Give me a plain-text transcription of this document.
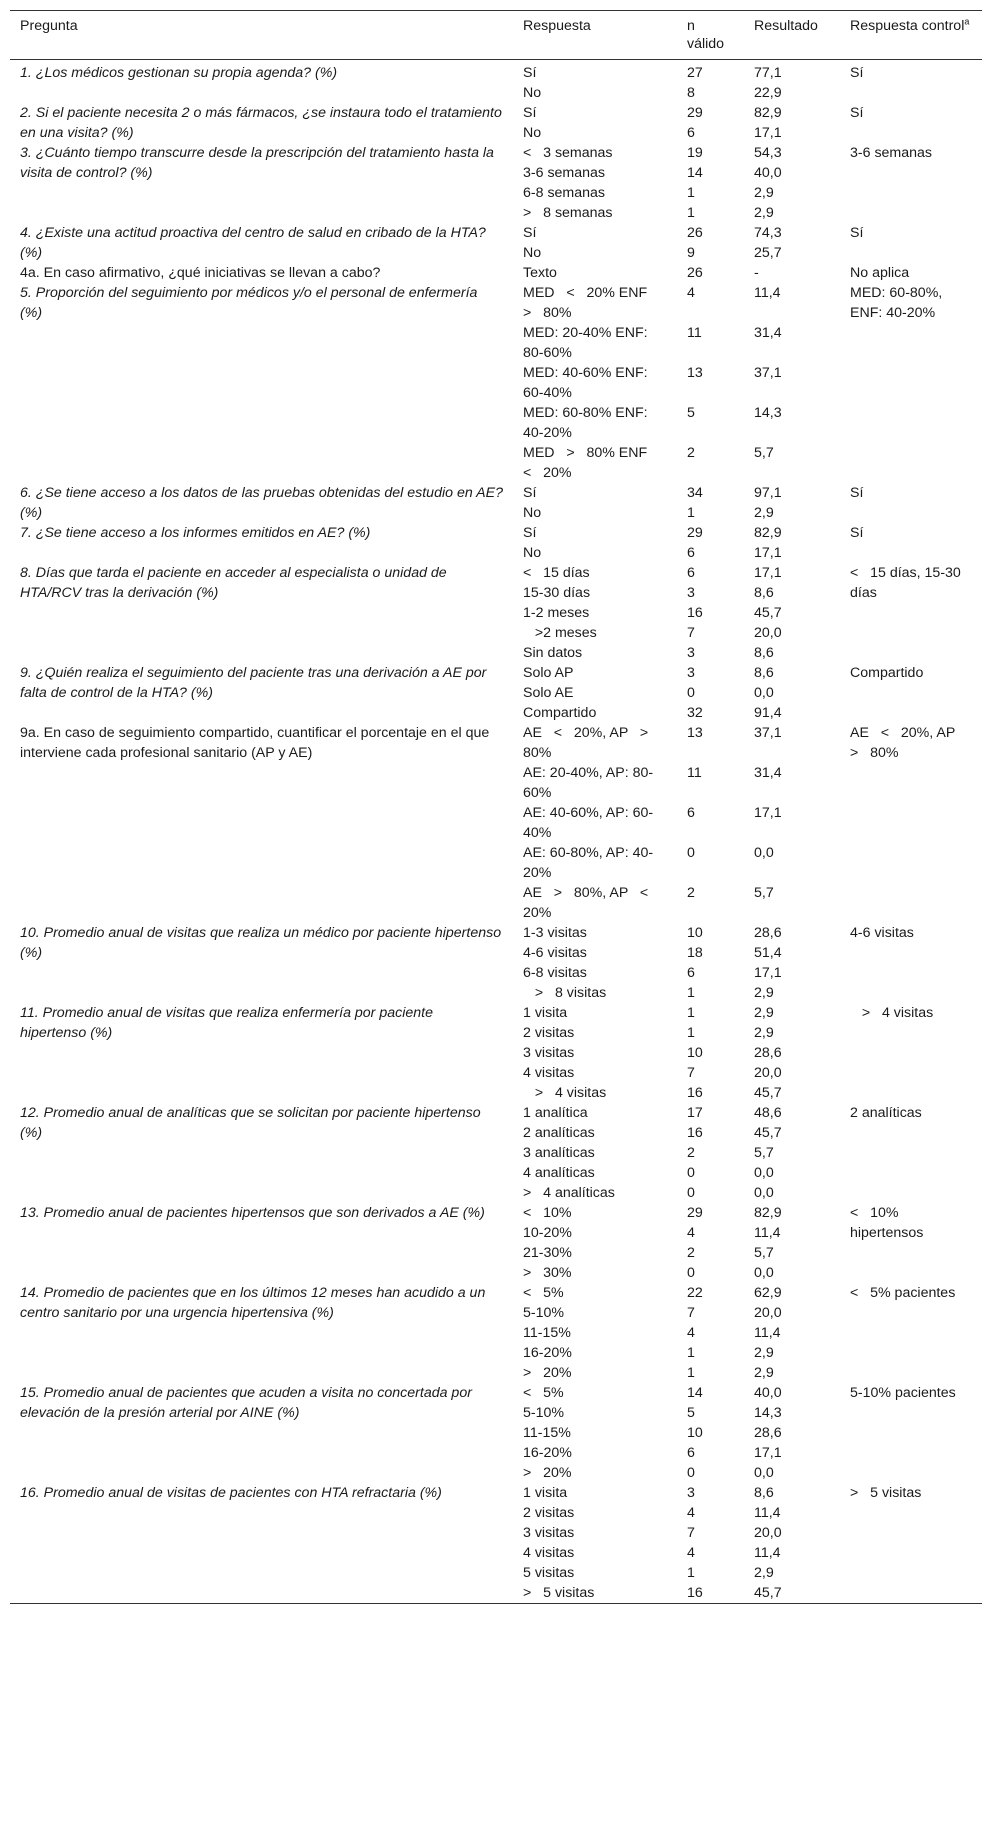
Pregunta	Respuesta	n válido	Resultado	Respuesta control$^a$
1. ¿Los médicos gestionan su propia agenda? (%)	Sí	27	77,1	Sí
	No	8	22,9	
2. Si el paciente necesita 2 o más fármacos, ¿se instaura todo el tratamiento en una visita? (%)	Sí	29	82,9	Sí
	No	6	17,1	
3. ¿Cuánto tiempo transcurre desde la prescripción del tratamiento hasta la visita de control? (%)	<   3 semanas	19	54,3	3-6 semanas
	3-6 semanas	14	40,0	
	6-8 semanas	1	2,9	
	>   8 semanas	1	2,9	
4. ¿Existe una actitud proactiva del centro de salud en cribado de la HTA? (%)	Sí	26	74,3	Sí
	No	9	25,7	
4a. En caso afirmativo, ¿qué iniciativas se llevan a cabo?	Texto	26	-	No aplica
5. Proporción del seguimiento por médicos y/o el personal de enfermería (%)	MED   <   20% ENF   >   80%	4	11,4	MED: 60-80%, ENF: 40-20%
	MED: 20-40% ENF: 80-60%	11	31,4	
	MED: 40-60% ENF: 60-40%	13	37,1	
	MED: 60-80% ENF: 40-20%	5	14,3	
	MED   >   80% ENF   <   20%	2	5,7	
6. ¿Se tiene acceso a los datos de las pruebas obtenidas del estudio en AE? (%)	Sí	34	97,1	Sí
	No	1	2,9	
7. ¿Se tiene acceso a los informes emitidos en AE? (%)	Sí	29	82,9	Sí
	No	6	17,1	
8. Días que tarda el paciente en acceder al especialista o unidad de HTA/RCV tras la derivación (%)	<   15 días	6	17,1	<   15 días, 15-30 días
	15-30 días	3	8,6	
	1-2 meses	16	45,7	
	>2 meses	7	20,0	
	Sin datos	3	8,6	
9. ¿Quién realiza el seguimiento del paciente tras una derivación a AE por falta de control de la HTA? (%)	Solo AP	3	8,6	Compartido
	Solo AE	0	0,0	
	Compartido	32	91,4	
9a. En caso de seguimiento compartido, cuantificar el porcentaje en el que interviene cada profesional sanitario (AP y AE)	AE   <   20%, AP   >   80%	13	37,1	AE   <   20%, AP   >   80%
	AE: 20-40%, AP: 80-60%	11	31,4	
	AE: 40-60%, AP: 60-40%	6	17,1	
	AE: 60-80%, AP: 40-20%	0	0,0	
	AE   >   80%, AP   <   20%	2	5,7	
10. Promedio anual de visitas que realiza un médico por paciente hipertenso (%)	1-3 visitas	10	28,6	4-6 visitas
	4-6 visitas	18	51,4	
	6-8 visitas	6	17,1	
	>   8 visitas	1	2,9	
11. Promedio anual de visitas que realiza enfermería por paciente hipertenso (%)	1 visita	1	2,9	>   4 visitas
	2 visitas	1	2,9	
	3 visitas	10	28,6	
	4 visitas	7	20,0	
	>   4 visitas	16	45,7	
12. Promedio anual de analíticas que se solicitan por paciente hipertenso (%)	1 analítica	17	48,6	2 analíticas
	2 analíticas	16	45,7	
	3 analíticas	2	5,7	
	4 analíticas	0	0,0	
	>   4 analíticas	0	0,0	
13. Promedio anual de pacientes hipertensos que son derivados a AE (%)	<   10%	29	82,9	<   10% hipertensos
	10-20%	4	11,4	
	21-30%	2	5,7	
	>   30%	0	0,0	
14. Promedio de pacientes que en los últimos 12 meses han acudido a un centro sanitario por una urgencia hipertensiva (%)	<   5%	22	62,9	<   5% pacientes
	5-10%	7	20,0	
	11-15%	4	11,4	
	16-20%	1	2,9	
	>   20%	1	2,9	
15. Promedio anual de pacientes que acuden a visita no concertada por elevación de la presión arterial por AINE (%)	<   5%	14	40,0	5-10% pacientes
	5-10%	5	14,3	
	11-15%	10	28,6	
	16-20%	6	17,1	
	>   20%	0	0,0	
16. Promedio anual de visitas de pacientes con HTA refractaria (%)	1 visita	3	8,6	>   5 visitas
	2 visitas	4	11,4	
	3 visitas	7	20,0	
	4 visitas	4	11,4	
	5 visitas	1	2,9	
	>   5 visitas	16	45,7	
